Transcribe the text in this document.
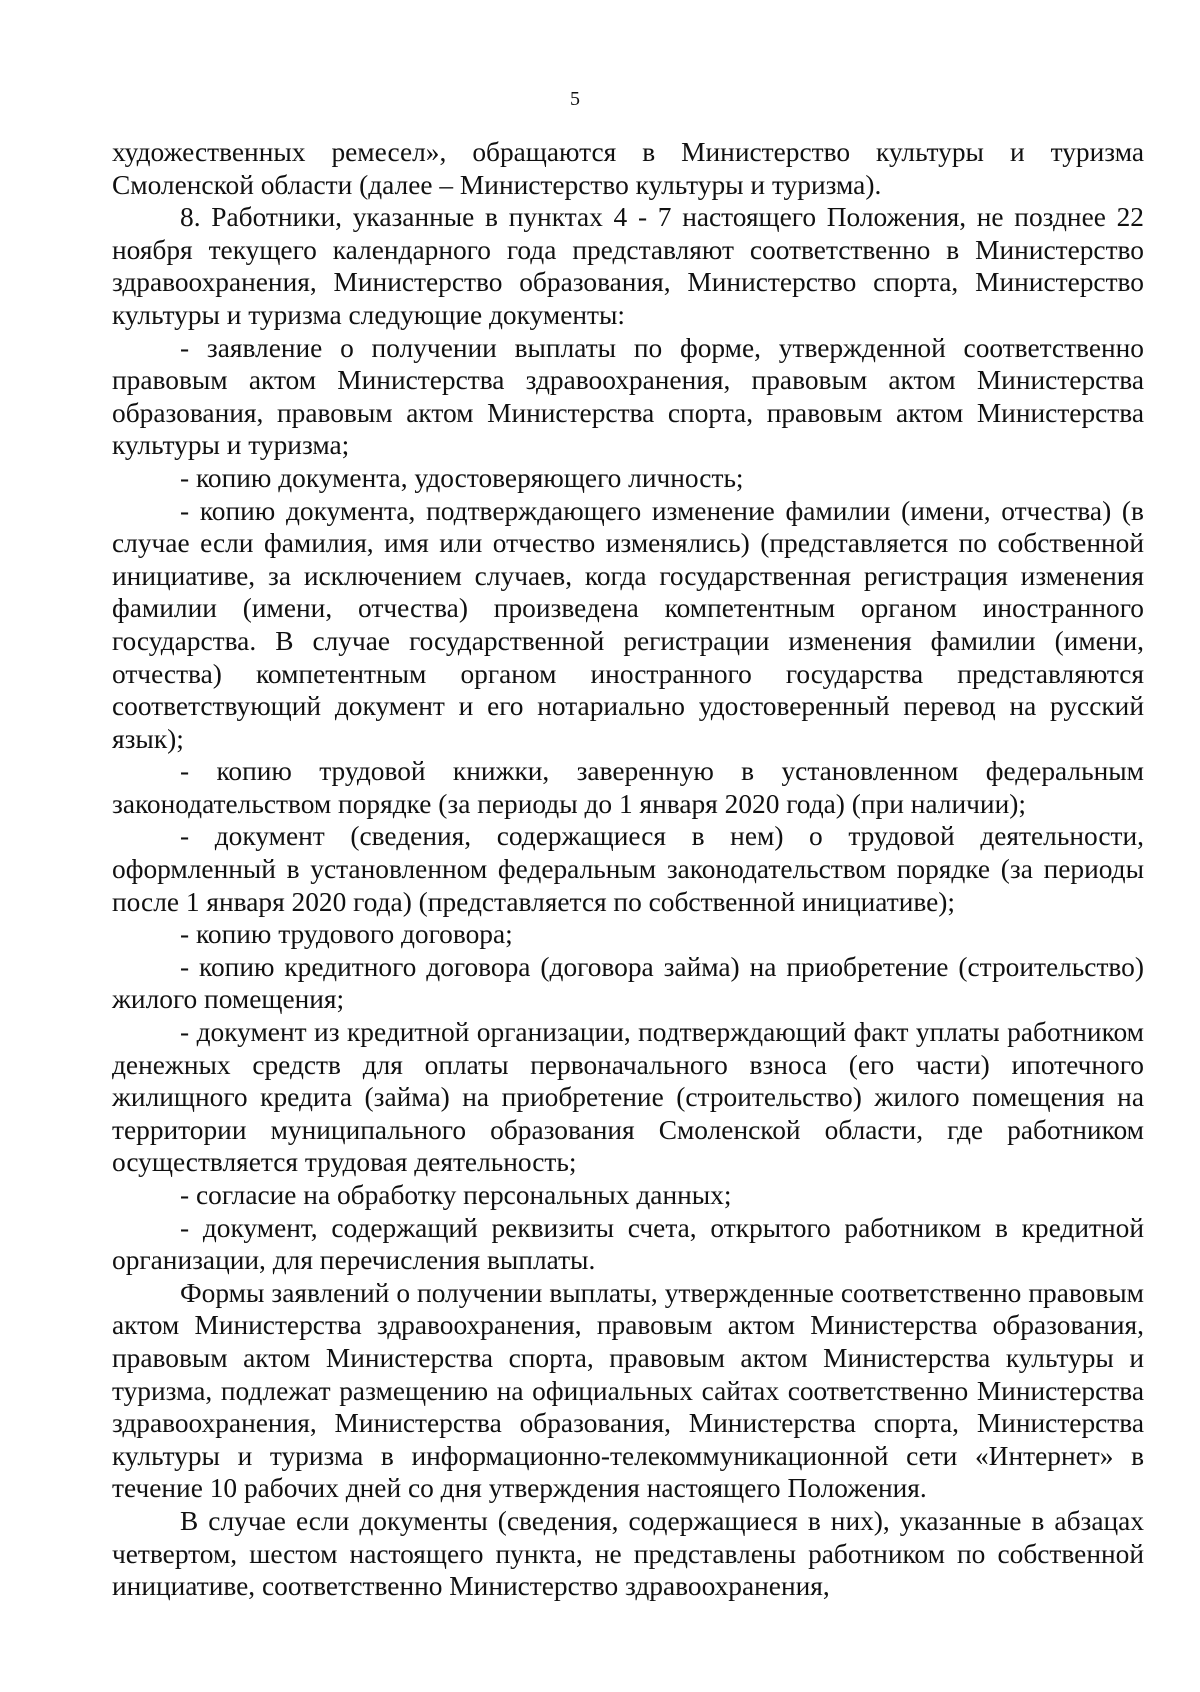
5

художественных ремесел», обращаются в Министерство культуры и туризма Смоленской области (далее – Министерство культуры и туризма).

8. Работники, указанные в пунктах 4 - 7 настоящего Положения, не позднее 22 ноября текущего календарного года представляют соответственно в Министерство здравоохранения, Министерство образования, Министерство спорта, Министерство культуры и туризма следующие документы:

- заявление о получении выплаты по форме, утвержденной соответственно правовым актом Министерства здравоохранения, правовым актом Министерства образования, правовым актом Министерства спорта, правовым актом Министерства культуры и туризма;

- копию документа, удостоверяющего личность;

- копию документа, подтверждающего изменение фамилии (имени, отчества) (в случае если фамилия, имя или отчество изменялись) (представляется по собственной инициативе, за исключением случаев, когда государственная регистрация изменения фамилии (имени, отчества) произведена компетентным органом иностранного государства. В случае государственной регистрации изменения фамилии (имени, отчества) компетентным органом иностранного государства представляются соответствующий документ и его нотариально удостоверенный перевод на русский язык);

- копию трудовой книжки, заверенную в установленном федеральным законодательством порядке (за периоды до 1 января 2020 года) (при наличии);

- документ (сведения, содержащиеся в нем) о трудовой деятельности, оформленный в установленном федеральным законодательством порядке (за периоды после 1 января 2020 года) (представляется по собственной инициативе);

- копию трудового договора;

- копию кредитного договора (договора займа) на приобретение (строительство) жилого помещения;

- документ из кредитной организации, подтверждающий факт уплаты работником денежных средств для оплаты первоначального взноса (его части) ипотечного жилищного кредита (займа) на приобретение (строительство) жилого помещения на территории муниципального образования Смоленской области, где работником осуществляется трудовая деятельность;

- согласие на обработку персональных данных;

- документ, содержащий реквизиты счета, открытого работником в кредитной организации, для перечисления выплаты.

Формы заявлений о получении выплаты, утвержденные соответственно правовым актом Министерства здравоохранения, правовым актом Министерства образования, правовым актом Министерства спорта, правовым актом Министерства культуры и туризма, подлежат размещению на официальных сайтах соответственно Министерства здравоохранения, Министерства образования, Министерства спорта, Министерства культуры и туризма в информационно-телекоммуникационной сети «Интернет» в течение 10 рабочих дней со дня утверждения настоящего Положения.

В случае если документы (сведения, содержащиеся в них), указанные в абзацах четвертом, шестом настоящего пункта, не представлены работником по собственной инициативе, соответственно Министерство здравоохранения,
